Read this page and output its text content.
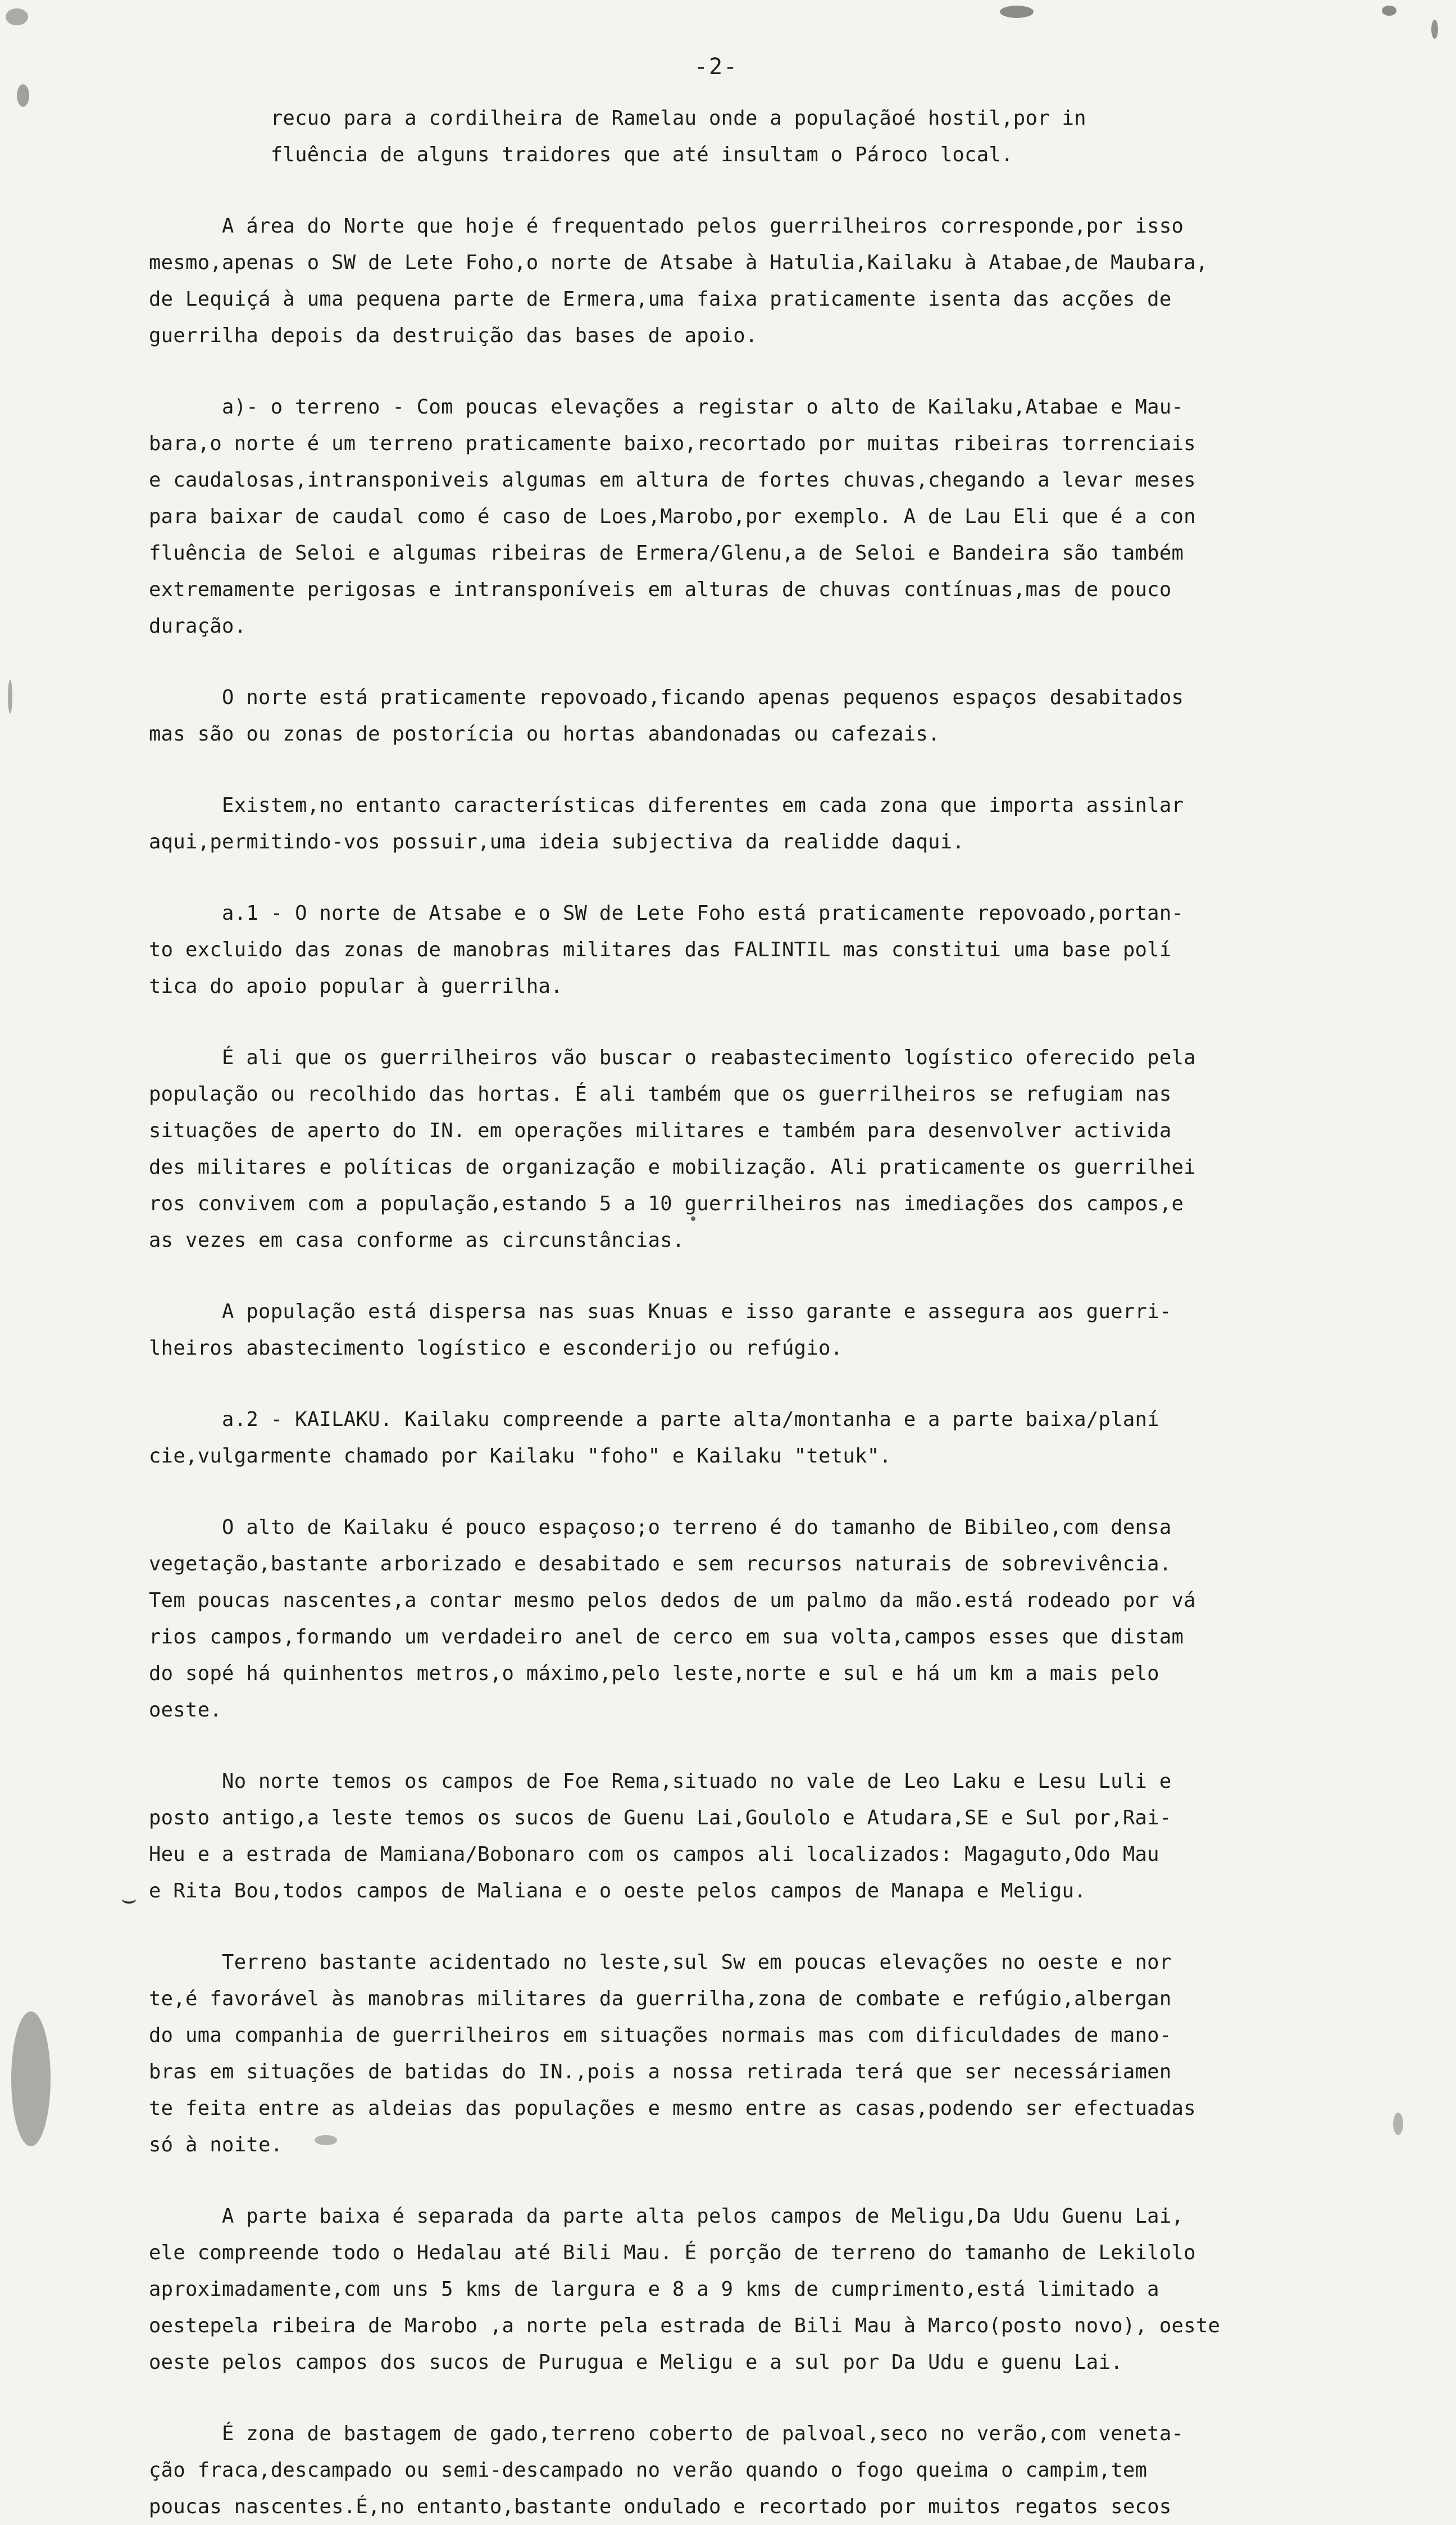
⌣
-2-
recuo para a cordilheira de Ramelau onde a populaçãoé hostil,por in
fluência de alguns traidores que até insultam o Pároco local.
A área do Norte que hoje é frequentado pelos guerrilheiros corresponde,por isso
mesmo,apenas o SW de Lete Foho,o norte de Atsabe à Hatulia,Kailaku à Atabae,de Maubara,
de Lequiçá à uma pequena parte de Ermera,uma faixa praticamente isenta das acções de
guerrilha depois da destruição das bases de apoio.
a)- o terreno - Com poucas elevações a registar o alto de Kailaku,Atabae e Mau-
bara,o norte é um terreno praticamente baixo,recortado por muitas ribeiras torrenciais
e caudalosas,intransponiveis algumas em altura de fortes chuvas,chegando a levar meses
para baixar de caudal como é caso de Loes,Marobo,por exemplo. A de Lau Eli que é a con
fluência de Seloi e algumas ribeiras de Ermera/Glenu,a de Seloi e Bandeira são também
extremamente perigosas e intransponíveis em alturas de chuvas contínuas,mas de pouco
duração.
O norte está praticamente repovoado,ficando apenas pequenos espaços desabitados
mas são ou zonas de postorícia ou hortas abandonadas ou cafezais.
Existem,no entanto características diferentes em cada zona que importa assinlar
aqui,permitindo-vos possuir,uma ideia subjectiva da realidde daqui.
a.1 - O norte de Atsabe e o SW de Lete Foho está praticamente repovoado,portan-
to excluido das zonas de manobras militares das FALINTIL mas constitui uma base polí
tica do apoio popular à guerrilha.
É ali que os guerrilheiros vão buscar o reabastecimento logístico oferecido pela
população ou recolhido das hortas. É ali também que os guerrilheiros se refugiam nas
situações de aperto do IN. em operações militares e também para desenvolver activida
des militares e políticas de organização e mobilização. Ali praticamente os guerrilhei
ros convivem com a população,estando 5 a 10 guerrilheiros nas imediações dos campos,e
as vezes em casa conforme as circunstâncias.
A população está dispersa nas suas Knuas e isso garante e assegura aos guerri-
lheiros abastecimento logístico e esconderijo ou refúgio.
a.2 - KAILAKU. Kailaku compreende a parte alta/montanha e a parte baixa/planí
cie,vulgarmente chamado por Kailaku "foho" e Kailaku "tetuk".
O alto de Kailaku é pouco espaçoso;o terreno é do tamanho de Bibileo,com densa
vegetação,bastante arborizado e desabitado e sem recursos naturais de sobrevivência.
Tem poucas nascentes,a contar mesmo pelos dedos de um palmo da mão.está rodeado por vá
rios campos,formando um verdadeiro anel de cerco em sua volta,campos esses que distam
do sopé há quinhentos metros,o máximo,pelo leste,norte e sul e há um km a mais pelo
oeste.
No norte temos os campos de Foe Rema,situado no vale de Leo Laku e Lesu Luli e
posto antigo,a leste temos os sucos de Guenu Lai,Goulolo e Atudara,SE e Sul por,Rai-
Heu e a estrada de Mamiana/Bobonaro com os campos ali localizados: Magaguto,Odo Mau
e Rita Bou,todos campos de Maliana e o oeste pelos campos de Manapa e Meligu.
Terreno bastante acidentado no leste,sul Sw em poucas elevações no oeste e nor
te,é favorável às manobras militares da guerrilha,zona de combate e refúgio,albergan
do uma companhia de guerrilheiros em situações normais mas com dificuldades de mano-
bras em situações de batidas do IN.,pois a nossa retirada terá que ser necessáriamen
te feita entre as aldeias das populações e mesmo entre as casas,podendo ser efectuadas
só à noite.
A parte baixa é separada da parte alta pelos campos de Meligu,Da Udu Guenu Lai,
ele compreende todo o Hedalau até Bili Mau. É porção de terreno do tamanho de Lekilolo
aproximadamente,com uns 5 kms de largura e 8 a 9 kms de cumprimento,está limitado a
oestepela ribeira de Marobo ,a norte pela estrada de Bili Mau à Marco(posto novo), oeste
oeste pelos campos dos sucos de Purugua e Meligu e a sul por Da Udu e guenu Lai.
É zona de bastagem de gado,terreno coberto de palvoal,seco no verão,com veneta-
ção fraca,descampado ou semi-descampado no verão quando o fogo queima o campim,tem
poucas nascentes.É,no entanto,bastante ondulado e recortado por muitos regatos secos
